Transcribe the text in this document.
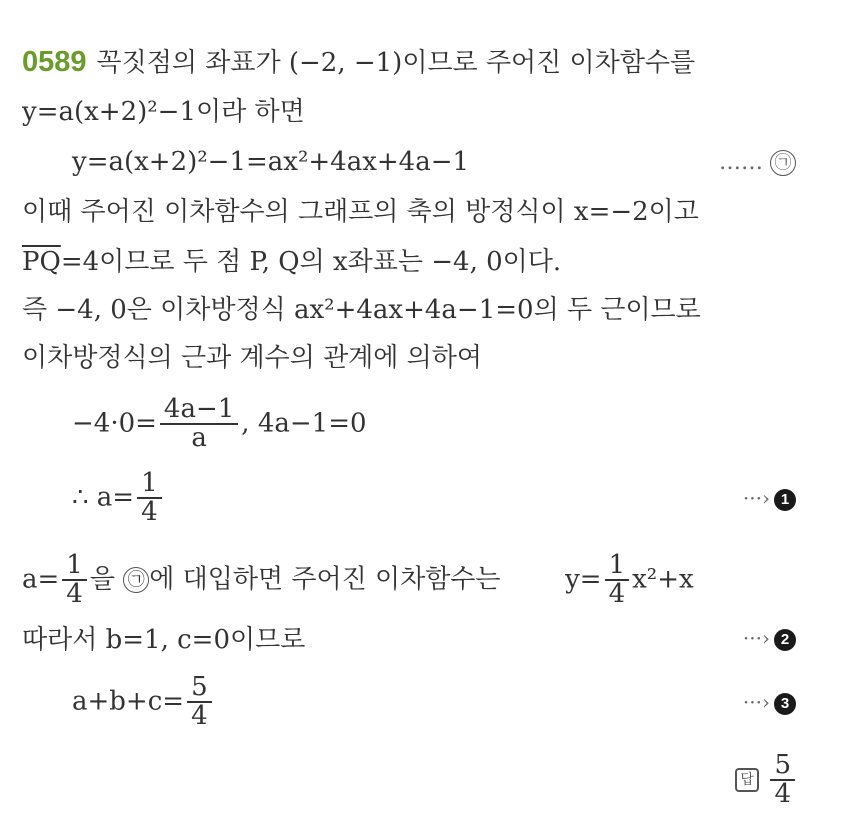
0589 꼭짓점의 좌표가 (−2, −1)이므로 주어진 이차함수를
y=a(x+2)²−1이라 하면
y=a(x+2)²−1=ax²+4ax+4a−1	…… ㉠
이때 주어진 이차함수의 그래프의 축의 방정식이 x=−2이고
$\overline{PQ}=4$이므로 두 점 P, Q의 x좌표는 −4, 0이다.
즉 −4, 0은 이차방정식 ax²+4ax+4a−1=0의 두 근이므로
이차방정식의 근과 계수의 관계에 의하여
$-4\cdot 0= \frac{4a-1}{a}$ , 4a−1=0
∴ $a= \frac{1}{4}$	···› 1
$a= \frac{1}{4}$ 을 ㉠ 에 대입하면 주어진 이차함수는 $y= \frac{1}{4} x^2+x$
따라서 b=1, c=0이므로	···› 2
$a+b+c= \frac{5}{4}$	···› 3
답 $\frac{5}{4}$
